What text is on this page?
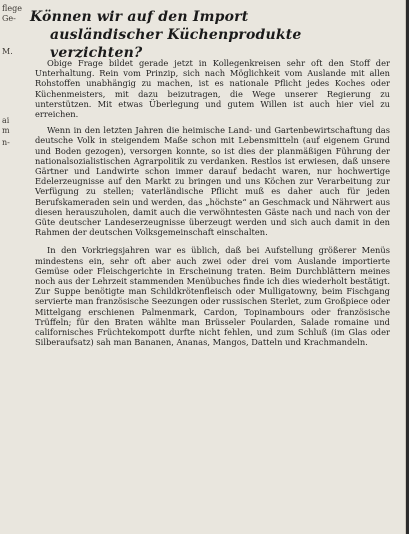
flege
Ge-
M.
ai
m
n-
Können wir auf den Import
ausländischer Küchenprodukte verzichten?

Obige Frage bildet gerade jetzt in Kollegenkreisen sehr oft den Stoff der Unterhaltung. Rein vom Prinzip, sich nach Möglichkeit vom Auslande mit allen Rohstoffen unabhängig zu machen, ist es nationale Pflicht jedes Koches oder Küchenmeisters, mit dazu beizutragen, die Wege unserer Regierung zu unterstützen. Mit etwas Überlegung und gutem Willen ist auch hier viel zu erreichen.

Wenn in den letzten Jahren die heimische Land- und Gartenbewirtschaftung das deutsche Volk in steigendem Maße schon mit Lebensmitteln (auf eigenem Grund und Boden gezogen), versorgen konnte, so ist dies der planmäßigen Führung der nationalsozialistischen Agrarpolitik zu verdanken. Restlos ist erwiesen, daß unsere Gärtner und Landwirte schon immer darauf bedacht waren, nur hochwertige Edelerzeugnisse auf den Markt zu bringen und uns Köchen zur Verarbeitung zur Verfügung zu stellen; vaterländische Pflicht muß es daher auch für jeden Berufskameraden sein und werden, das „höchste“ an Geschmack und Nährwert aus diesen herauszuholen, damit auch die verwöhntesten Gäste nach und nach von der Güte deutscher Landeserzeugnisse überzeugt werden und sich auch damit in den Rahmen der deutschen Volksgemeinschaft einschalten.

In den Vorkriegsjahren war es üblich, daß bei Aufstellung größerer Menüs mindestens ein, sehr oft aber auch zwei oder drei vom Auslande importierte Gemüse oder Fleischgerichte in Erscheinung traten. Beim Durchblättern meines noch aus der Lehrzeit stammenden Menübuches finde ich dies wiederholt bestätigt. Zur Suppe benötigte man Schildkrötenfleisch oder Mulligatowny, beim Fischgang servierte man französische Seezungen oder russischen Sterlet, zum Großpiece oder Mittelgang erschienen Palmenmark, Cardon, Topinambours oder französische Trüffeln; für den Braten wählte man Brüsseler Poularden, Salade romaine und californisches Früchtekompott durfte nicht fehlen, und zum Schluß (im Glas oder Silberaufsatz) sah man Bananen, Ananas, Mangos, Datteln und Krachmandeln.
